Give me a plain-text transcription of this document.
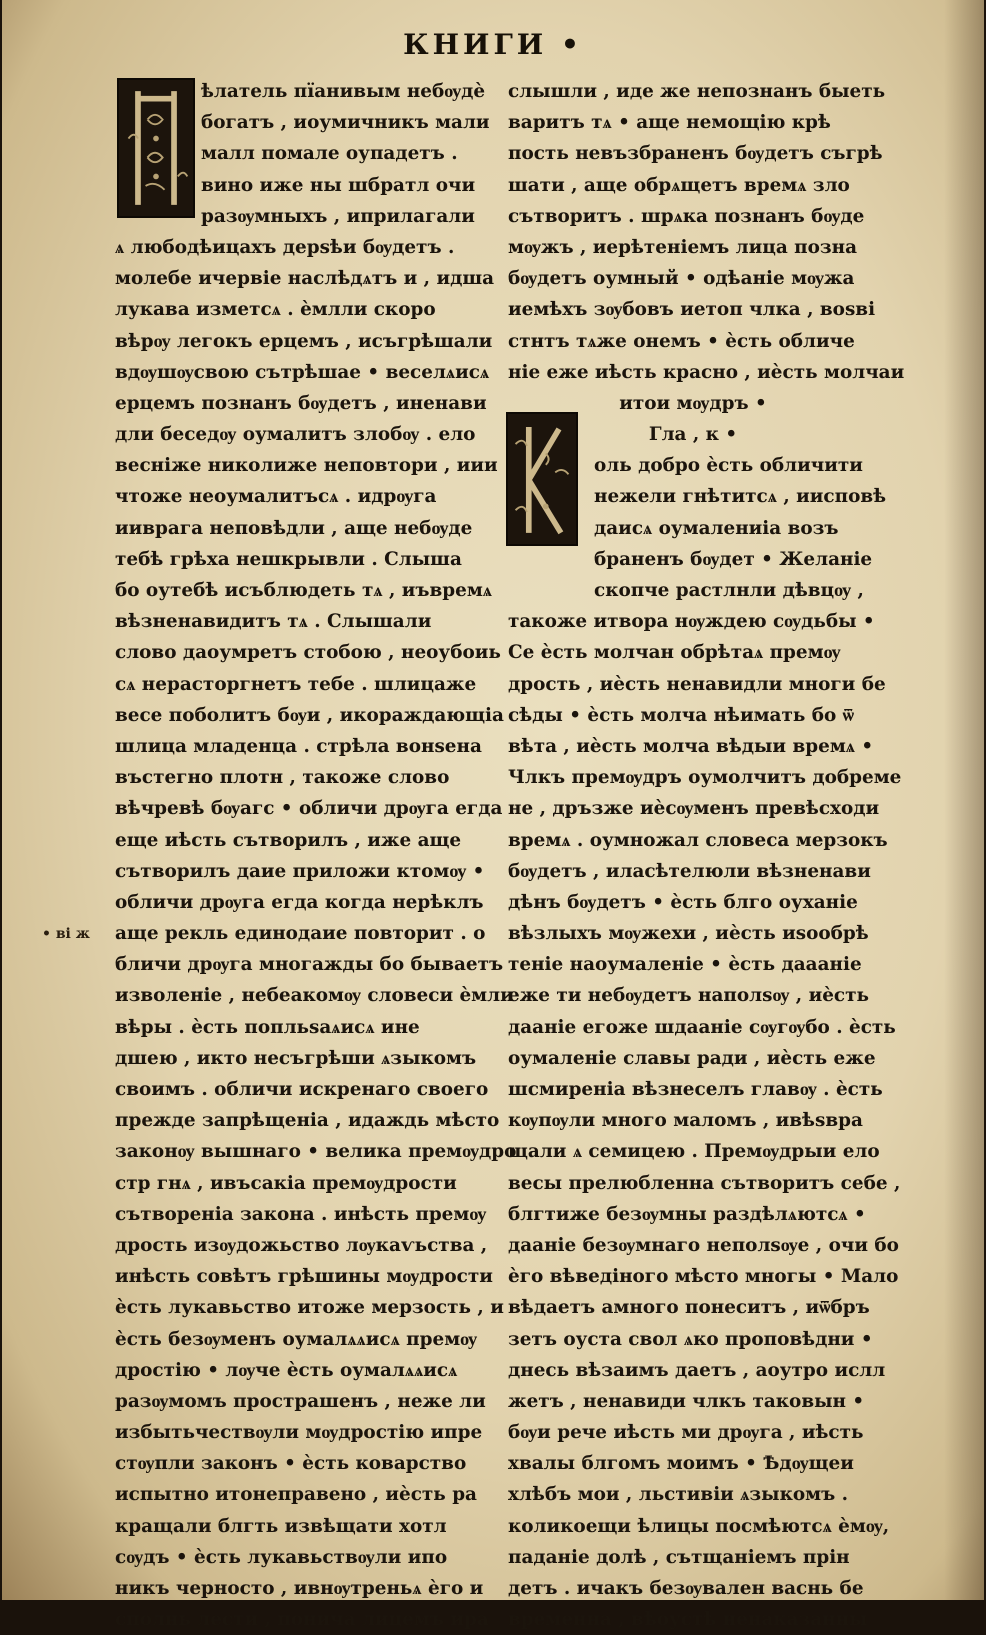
КНИГИ •
• ві ж
ѣлатель пїанивым небѹдѐ
богатъ , иоумичникъ мали
малл помале оупадетъ .
вино иже ны шбратл очи
разѹмныхъ , иприлагали
ѧ любодѣицахъ дерѕѣи бѹдетъ .
молебе ичервіе наслѣдѧтъ и , идша
лукава изметсѧ . ѐмлли скоро
вѣрѹ легокъ ерцемъ , исъгрѣшали
вдѹшѹсвою сътрѣшае • веселѧисѧ
ерцемъ познанъ бѹдетъ , иненави
дли беседѹ оумалитъ злобѹ . ело
весніже николиже неповтори , иии
чтоже неоумалитъсѧ . идрѹга
ииврага неповѣдли , аще небѹде
тебѣ грѣха нешкрывли . Слыша
бо оутебѣ исъблюдеть тѧ , иъвремѧ
вѣзненавидитъ тѧ . Слышали
слово даоумретъ стобою , неоубоиь
сѧ нерасторгнетъ тебе . шлицаже
весе поболитъ бѹи , икораждающіа
шлица младенца . стрѣла вонѕена
въстегно плотн , такоже слово
вѣчревѣ бѹагс • обличи дрѹга егда
еще иѣсть сътворилъ , иже аще
сътворилъ даие приложи ктомѹ •
обличи дрѹга егда когда нерѣклъ
аще рекль единодаие повторит . о
бличи дрѹга многажды бо бываетъ
изволеніе , небеакомѹ словеси ѐмли
вѣры . ѐсть попльѕаѧисѧ ине
дшею , икто несъгрѣши ѧзыкомъ
своимъ . обличи искренаго своего
прежде запрѣщеніа , идаждь мѣсто
законѹ вышнаго • велика премѹдро
стр гнѧ , ивъсакіа премѹдрости
сътвореніа закона . инѣсть премѹ
дрость изѹдожьство лѹкаѵьства ,
инѣсть совѣтъ грѣшины мѹдрости
ѐсть лукавьство итоже мерзость , и
ѐсть безѹменъ оумалѧѧисѧ премѹ
дростію • лѹче ѐсть оумалѧѧисѧ
разѹмомъ прострашенъ , неже ли
избытьчествѹли мѹдростію ипре
стѹпли законъ • ѐсть коварство
испытно итонеправено , иѐсть ра
кращали блгть извѣщати хотл
сѹдъ • ѐсть лукавьствѹли ипо
никъ черносто , ивнѹтреньѧ ѐго и
сполнь лести , понича лицемъ ира
слышли , иде же непознанъ быеть
варитъ тѧ • аще немощію крѣ
пость невъзбраненъ бѹдетъ съгрѣ
шати , аще обрѧщетъ времѧ зло
сътворитъ . шрѧка познанъ бѹде
мѹжъ , иерѣтеніемъ лица позна
бѹдетъ оумный • одѣаніе мѹжа
иемѣхъ зѹбовъ иетоп члка , воѕві
стнтъ тѧже онемъ • ѐсть обличе
ніе еже иѣсть красно , иѐсть молчаи
итои мѹдръ •
Гла , к •
оль добро ѐсть обличити
нежели гнѣтитсѧ , иисповѣ
даисѧ оумалениіа возъ
браненъ бѹдет • Желаніе
скопче растлнли дѣвцѹ ,
такоже итвора нѹждею сѹдьбы •
Се ѐсть молчан обрѣтаѧ премѹ
дрость , иѐсть ненавидли многи бе
сѣды • ѐсть молча нѣимать бо ѿ
вѣта , иѐсть молча вѣдыи времѧ •
Члкъ премѹдръ оумолчитъ добреме
не , дръзже иѐсѹменъ превѣсходи
времѧ . оумножал словеса мерзокъ
бѹдетъ , иласѣтелюли вѣзненави
дѣнъ бѹдетъ • ѐсть блго оуханіе
вѣзлыхъ мѹжехи , иѐсть иѕообрѣ
теніе наоумаленіе • ѐсть даааніе
еже ти небѹдетъ наполѕѹ , иѐсть
дааніе егоже шдааніе сѹгѹбо . ѐсть
оумаленіе славы ради , иѐсть еже
шсмиреніа вѣзнеселъ главѹ . ѐсть
кѹпѹли много маломъ , ивѣѕвра
щали ѧ семицею . Премѹдрыи ело
весы прелюбленна сътворитъ себе ,
блгтиже безѹмны раздѣлѧютсѧ •
дааніе безѹмнаго неполѕѹе , очи бо
ѐго вѣведіного мѣсто многы • Мало
вѣдаетъ амного понеситъ , иѿбръ
зетъ оуста свол ѧко проповѣдни •
днесь вѣзаимъ даетъ , аоутро ислл
жетъ , ненавиди члкъ таковын •
бѹи рече иѣсть ми дрѹга , иѣсть
хвалы блгомъ моимъ • Ѣдѹщеи
хлѣбъ мои , льстивіи ѧзыкомъ .
коликоещи ѣлицы посмѣютсѧ ѐмѹ,
паданіе долѣ , сътщаніемъ прін
детъ . ичакъ безѹвален васнь бе
временна , вѣоустѣ ненаказанны
